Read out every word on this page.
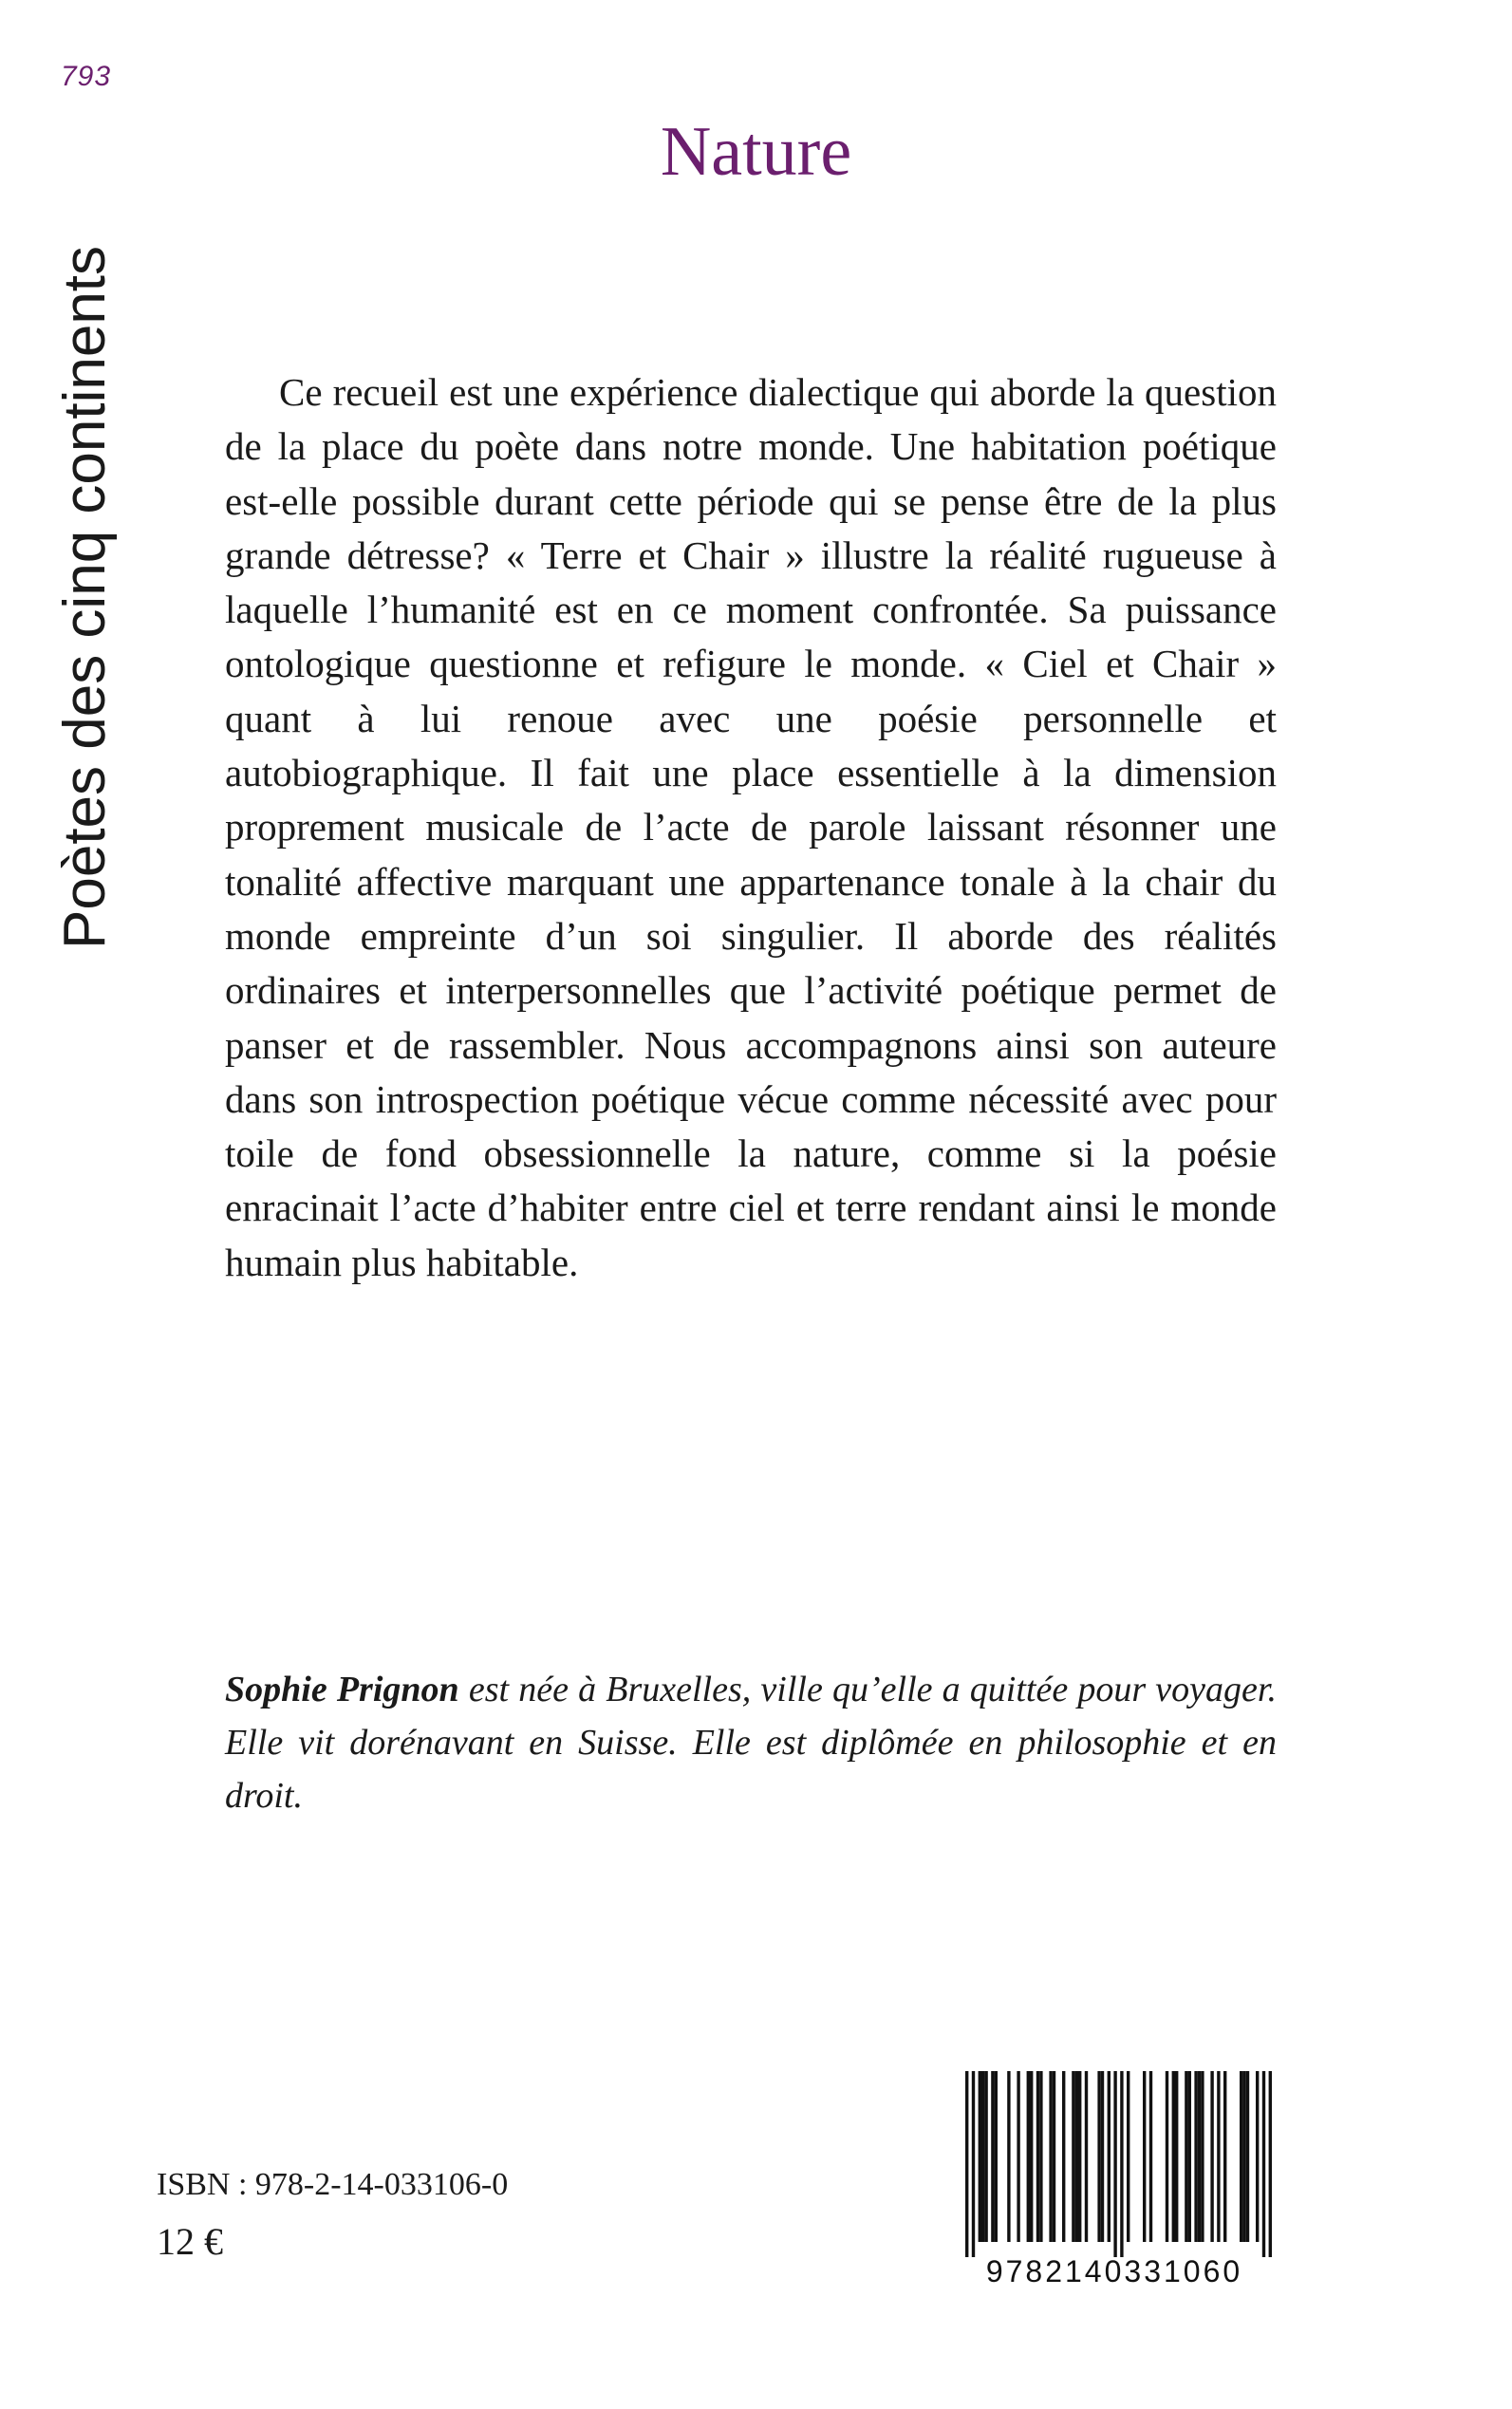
793
Poètes des cinq continents
Nature

Ce recueil est une expérience dialectique qui aborde la question de la place du poète dans notre monde. Une habitation poétique est-elle possible durant cette période qui se pense être de la plus grande détresse? « Terre et Chair » illustre la réalité rugueuse à laquelle l’humanité est en ce moment confrontée. Sa puissance ontologique questionne et refigure le monde. « Ciel et Chair » quant à lui renoue avec une poésie personnelle et autobiographique. Il fait une place essentielle à la dimension proprement musicale de l’acte de parole laissant résonner une tonalité affective marquant une appartenance tonale à la chair du monde empreinte d’un soi singulier. Il aborde des réalités ordinaires et interpersonnelles que l’activité poétique permet de panser et de rassembler. Nous accompagnons ainsi son auteure dans son introspection poétique vécue comme nécessité avec pour toile de fond obsessionnelle la nature, comme si la poésie enracinait l’acte d’habiter entre ciel et terre rendant ainsi le monde humain plus habitable.

Sophie Prignon est née à Bruxelles, ville qu’elle a quittée pour voyager. Elle vit dorénavant en Suisse. Elle est diplômée en philosophie et en droit.

ISBN : 978-2-14-033106-0
12 €
9782140331060
